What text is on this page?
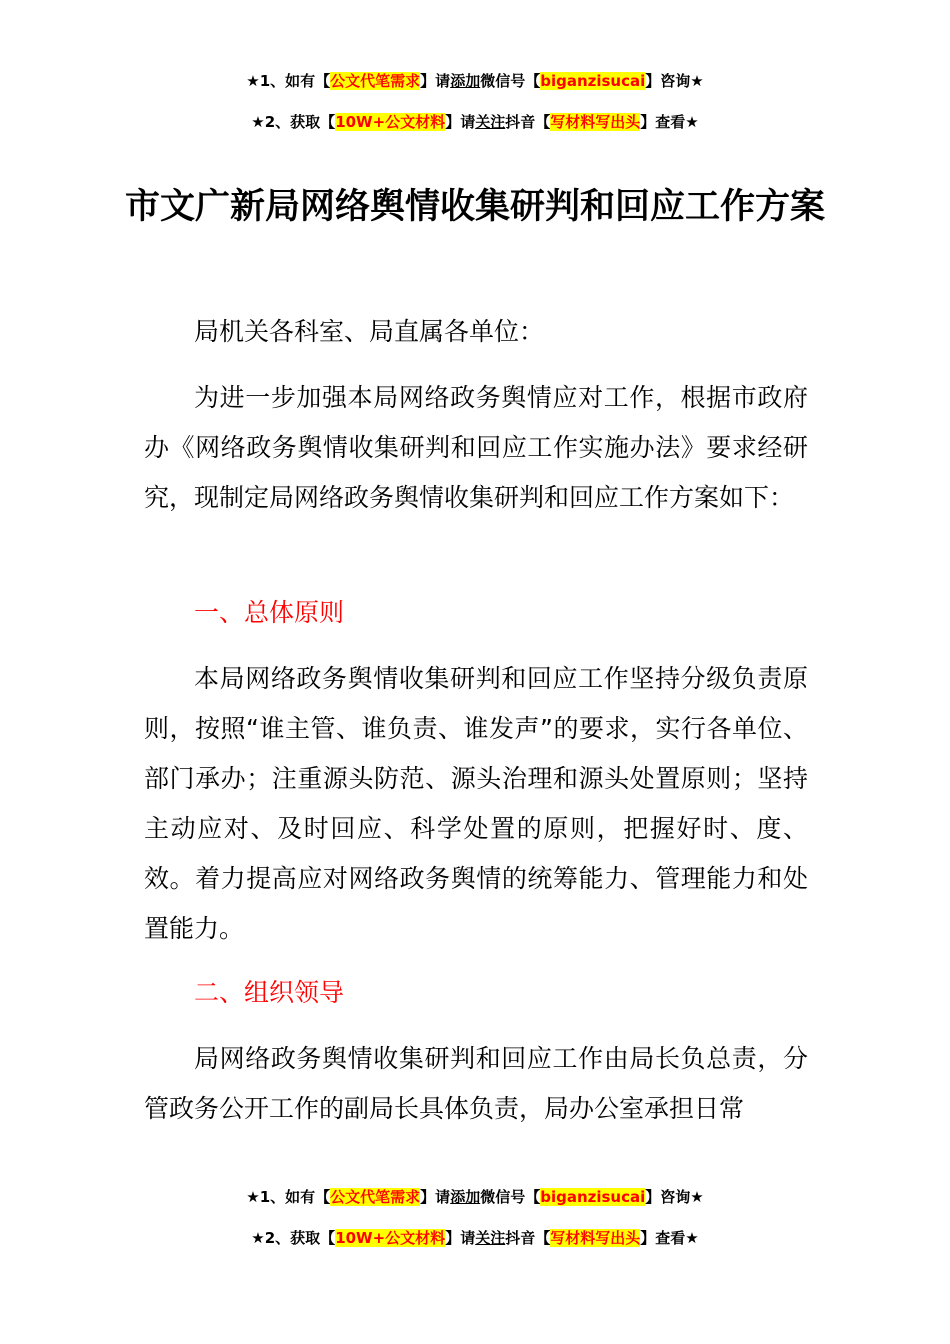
★1、如有【公文代笔需求】请添加微信号【biganzisucai】咨询★
★2、获取【10W+公文材料】请关注抖音【写材料写出头】查看★
市文广新局网络舆情收集研判和回应工作方案
局机关各科室、局直属各单位：
为进一步加强本局网络政务舆情应对工作，根据市政府办《网络政务舆情收集研判和回应工作实施办法》要求经研究，现制定局网络政务舆情收集研判和回应工作方案如下：
一、总体原则
本局网络政务舆情收集研判和回应工作坚持分级负责原则，按照“谁主管、谁负责、谁发声”的要求，实行各单位、部门承办；注重源头防范、源头治理和源头处置原则；坚持主动应对、及时回应、科学处置的原则，把握好时、度、效。着力提高应对网络政务舆情的统筹能力、管理能力和处置能力。
二、组织领导
局网络政务舆情收集研判和回应工作由局长负总责，分管政务公开工作的副局长具体负责，局办公室承担日常
★1、如有【公文代笔需求】请添加微信号【biganzisucai】咨询★
★2、获取【10W+公文材料】请关注抖音【写材料写出头】查看★
